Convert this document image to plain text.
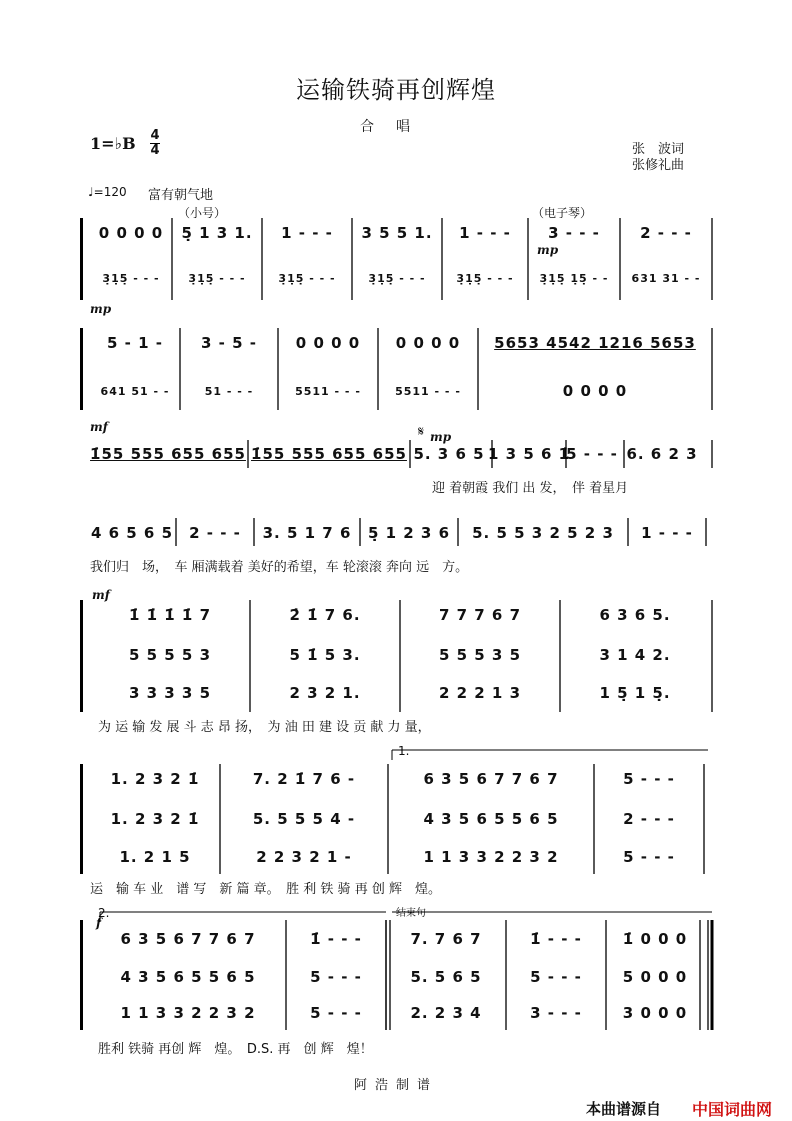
运输铁骑再创辉煌
合唱
1=♭B 4
4	张　波词
张修礼曲
♩=120 富有朝气地
（小号）	（电子琴）
0 0 0 0	5̣ 1 3 1.	1 - - -	3 5 5 1.	1 - - -	3 - - -	2 - - -
3̣1̣5̣ - - -	3̣1̣5̣ - - -	3̣1̣5̣ - - -	3̣1̣5̣ - - -	3̣1̣5̣ - - -	3̣1̣5̣ 1̣5̣ - -	631 31 - -
mp
mp
5 - 1 -	3 - 5 -	0 0 0 0	0 0 0 0	5653 4542 1216 5653
641 51 - -	51 - - -	5511 - - -	5511 - - -	0 0 0 0
mf
mp
𝄋
1̇55 555 655 655 1̇55 555 655 655 5. 3 6 5 1 3 5 6 1̇
5 - - - 6. 6 2 3
迎 着朝霞 我们 出 发，　伴 着星月
4 6 5 6 5	2 - - -	3. 5 1 7 6	5̣ 1 2 3 6	5. 5 5 3 2 5 2 3	1 - - -
我们归　场，　车 厢满载着 美好的希望，车 轮滚滚 奔向 远　方。
mf
1̇ 1̇ 1̇ 1̇ 7	2̇ 1̇ 7 6.	7 7 7 6 7	6 3 6 5.
5 5 5 5 3	5 1̇ 5 3.	5 5 5 3 5	3 1 4 2.
3 3 3 3 5	2 3 2 1.	2 2 2 1 3	1 5̣ 1 5̣.
为 运 输 发 展 斗 志 昂 扬，　为 油 田 建 设 贡 献 力 量，
1.
1. 2 3 2 1̇	7. 2 1̇ 7 6 -	6 3 5 6 7 7 6 7	5 - - -
1. 2 3 2 1̇	5. 5 5 5 4 -	4 3 5 6 5 5 6 5	2 - - -
1. 2 1 5	2 2 3 2 1 -	1 1 3 3 2 2 3 2	5 - - -
运　输 车 业　谱 写　新 篇 章。　胜 利 铁 骑 再 创 辉　煌。
2.
f
结束句
6 3 5 6 7 7 6 7	1̇ - - -	7. 7 6 7	1̇ - - -	1̇ 0 0 0
4 3 5 6 5 5 6 5	5 - - -	5. 5 6 5	5 - - -	5 0 0 0
1 1 3 3 2 2 3 2	5 - - -	2. 2 3 4	3 - - -	3 0 0 0
胜利 铁骑 再创 辉　煌。　D.S. 再　创 辉　煌！
阿浩制谱
本曲谱源自 中国词曲网
